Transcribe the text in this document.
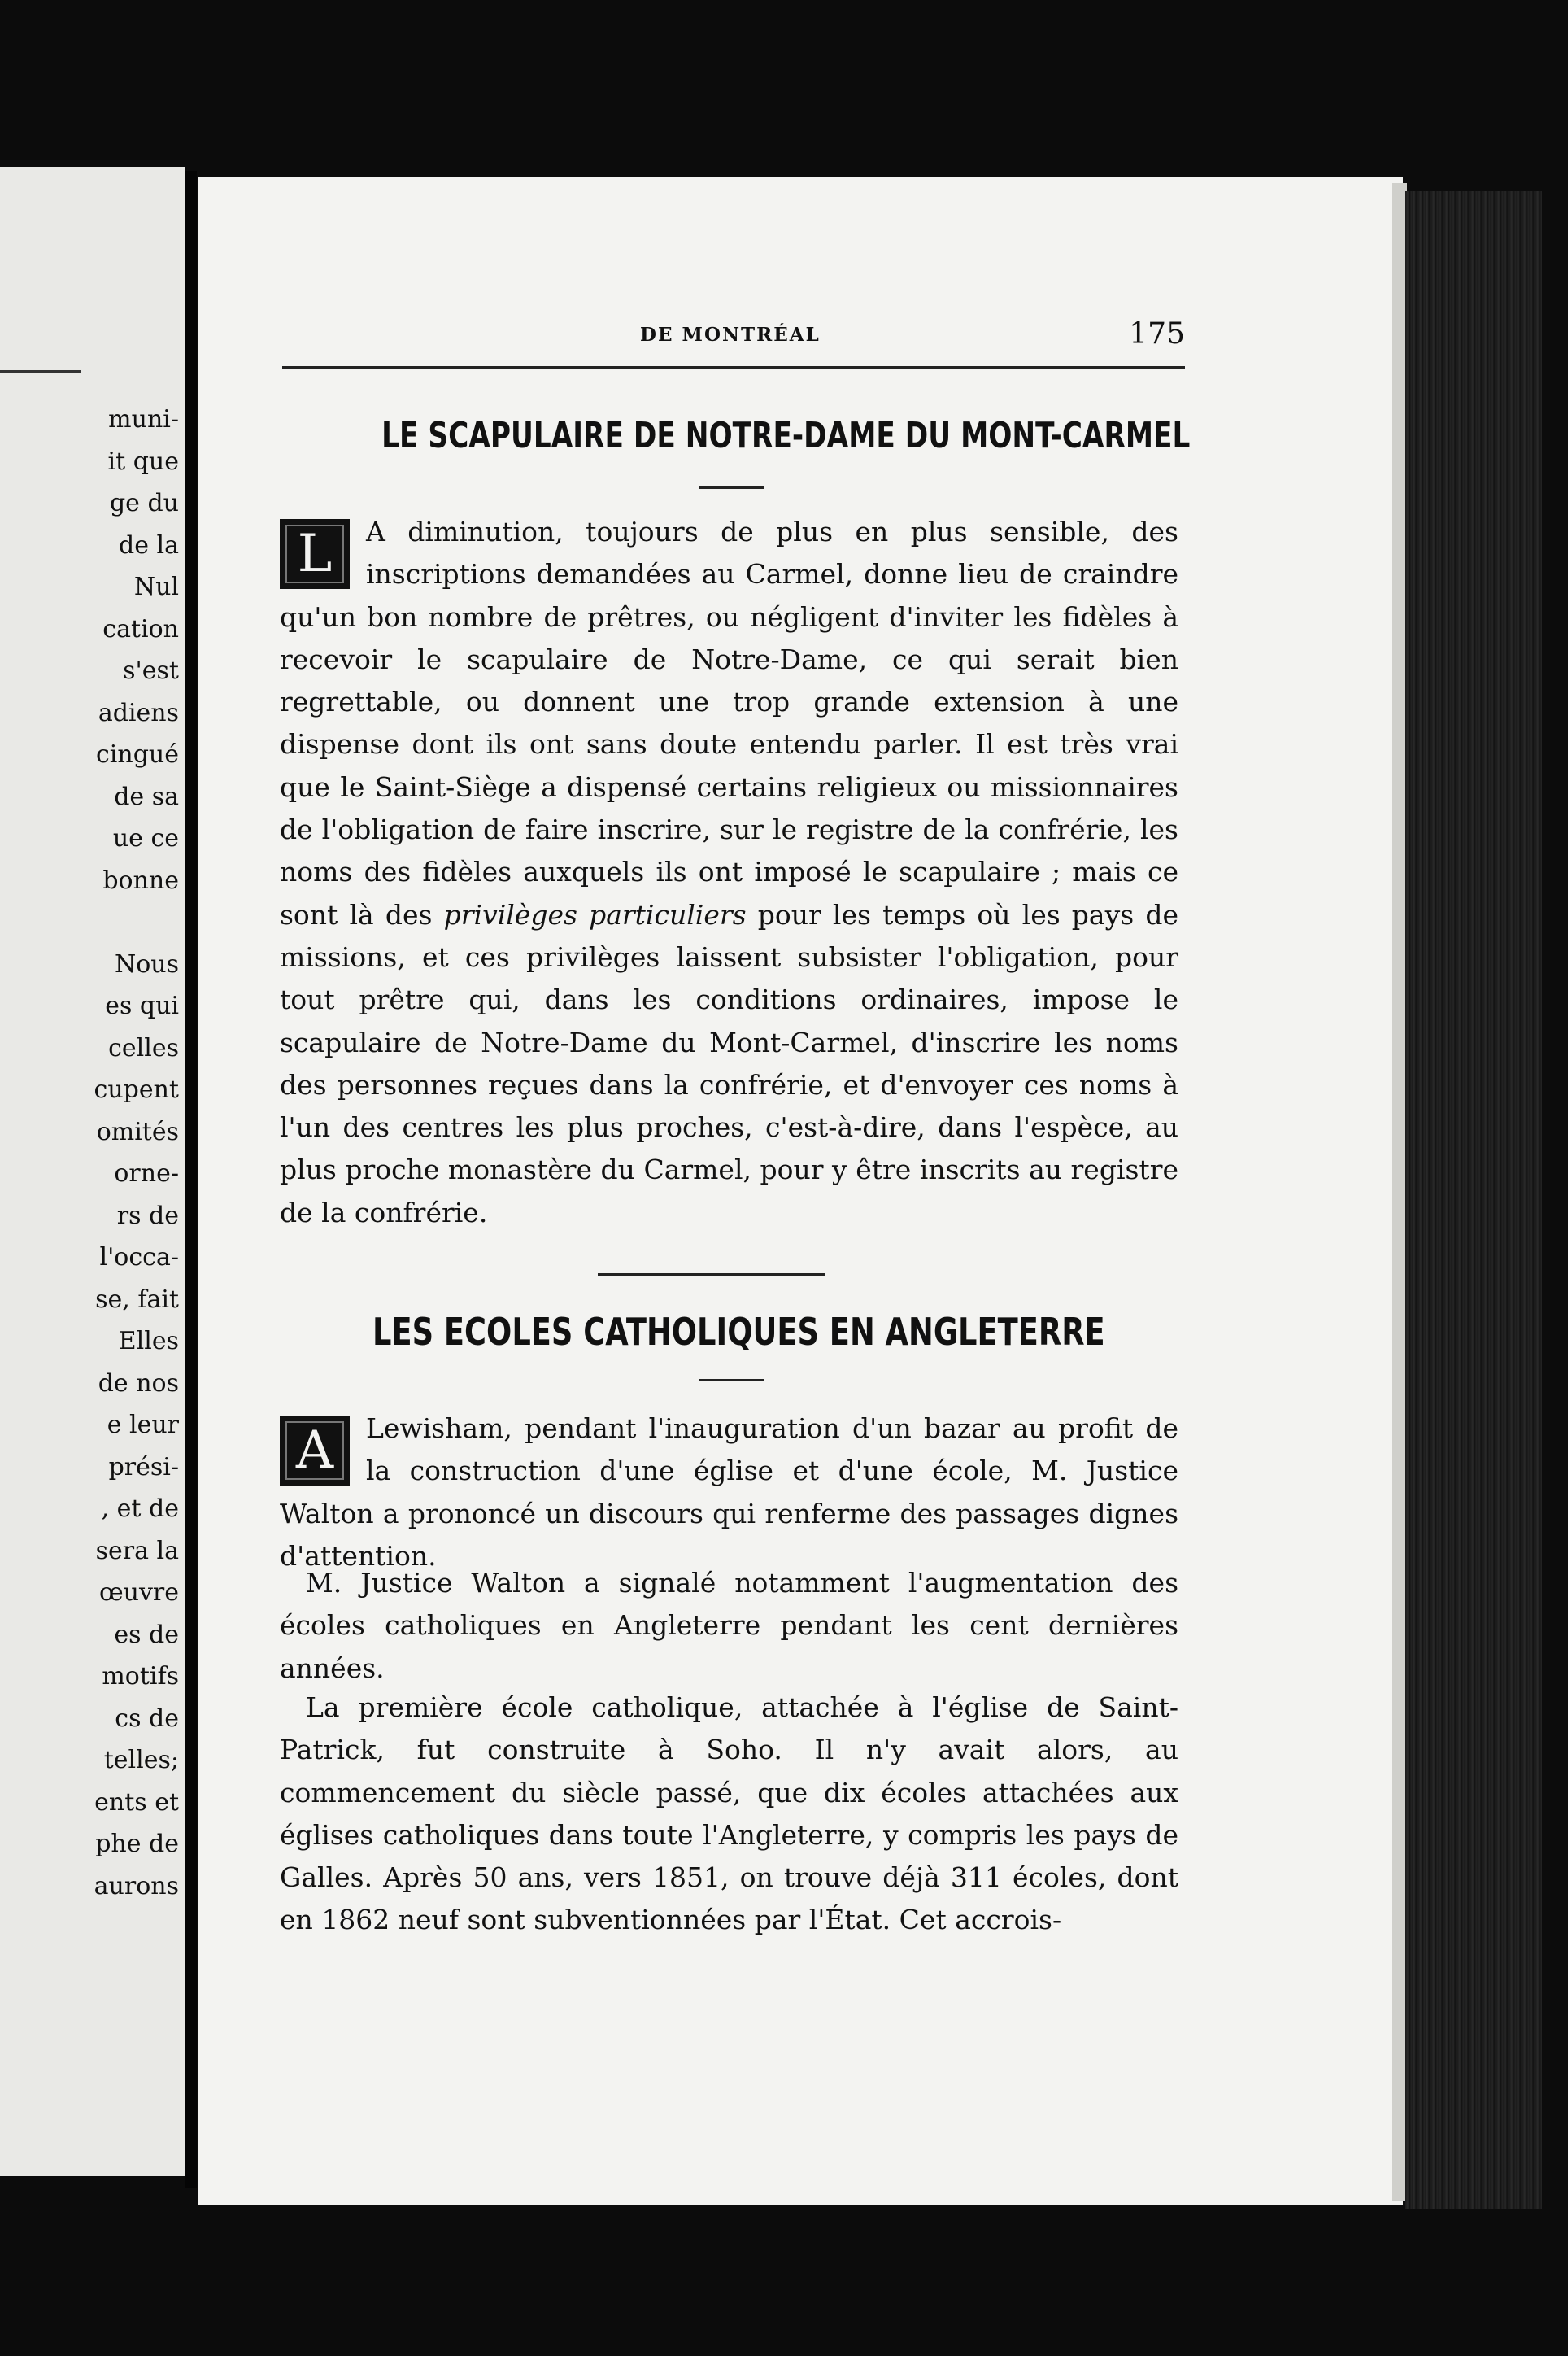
muni-
it que
ge du
de la
Nul
cation
s'est
adiens
cingué
de sa
ue ce
bonne

Nous
es qui
celles
cupent
omités
orne-
rs de
l'occa-
se, fait
Elles
de nos
e leur
prési-
, et de
sera la
œuvre
es de
motifs
cs de
telles;
ents et
phe de
aurons
DE MONTRÉAL	175
LE SCAPULAIRE DE NOTRE-DAME DU MONT-CARMEL

L	A diminution, toujours de plus en plus sensible, des inscriptions demandées au Carmel, donne lieu de craindre qu'un bon nombre de prêtres, ou négligent d'inviter les fidèles à recevoir le scapulaire de Notre-Dame, ce qui serait bien regrettable, ou donnent une trop grande extension à une dispense dont ils ont sans doute entendu parler. Il est très vrai que le Saint-Siège a dispensé certains religieux ou missionnaires de l'obligation de faire inscrire, sur le registre de la confrérie, les noms des fidèles auxquels ils ont imposé le scapulaire ; mais ce sont là des privilèges particuliers pour les temps où les pays de missions, et ces privilèges laissent subsister l'obligation, pour tout prêtre qui, dans les conditions ordinaires, impose le scapulaire de Notre-Dame du Mont-Carmel, d'inscrire les noms des personnes reçues dans la confrérie, et d'envoyer ces noms à l'un des centres les plus proches, c'est-à-dire, dans l'espèce, au plus proche monastère du Carmel, pour y être inscrits au registre de la confrérie.

LES ECOLES CATHOLIQUES EN ANGLETERRE

A	Lewisham, pendant l'inauguration d'un bazar au profit de la construction d'une église et d'une école, M. Justice Walton a prononcé un discours qui renferme des passages dignes d'attention.

M. Justice Walton a signalé notamment l'augmentation des écoles catholiques en Angleterre pendant les cent dernières années.

La première école catholique, attachée à l'église de Saint-Patrick, fut construite à Soho. Il n'y avait alors, au commencement du siècle passé, que dix écoles attachées aux églises catholiques dans toute l'Angleterre, y compris les pays de Galles. Après 50 ans, vers 1851, on trouve déjà 311 écoles, dont en 1862 neuf sont subventionnées par l'État. Cet accrois-
